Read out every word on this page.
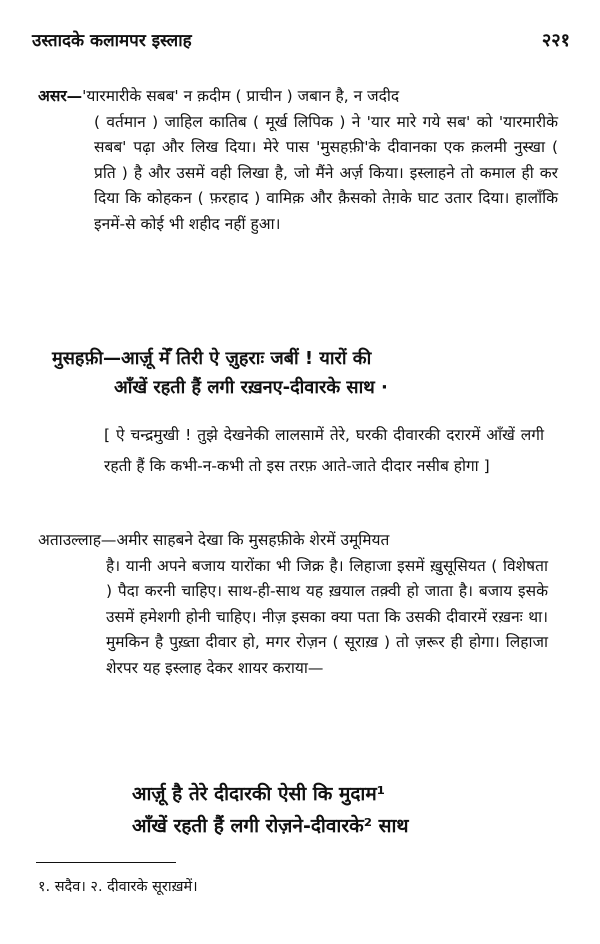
उस्तादके कलामपर इस्लाह	२२१
असर—'यारमारीके सबब' न क़दीम ( प्राचीन ) जबान है, न जदीद
( वर्तमान ) जाहिल कातिब ( मूर्ख लिपिक ) ने 'यार मारे गये सब' को 'यारमारीके सबब' पढ़ा और लिख दिया। मेरे पास 'मुसहफ़ी'के दीवानका एक क़लमी नुस्खा ( प्रति ) है और उसमें वही लिखा है, जो मैंने अर्ज़ किया। इस्लाहने तो कमाल ही कर दिया कि कोहकन ( फ़रहाद ) वामिक़ और क़ैसको तेग़के घाट उतार दिया। हालाँकि इनमें-से कोई भी शहीद नहीं हुआ।
मुसहफ़ी—आर्ज़ू मेँ तिरी ऐ ज़ुहराः जबीं ! यारों की
आँखें रहती हैं लगी रख़नए-दीवारके साथ ·
[ ऐ चन्द्रमुखी ! तुझे देखनेकी लालसामें तेरे, घरकी दीवारकी दरारमें आँखें लगी रहती हैं कि कभी-न-कभी तो इस तरफ़ आते-जाते दीदार नसीब होगा ]
अताउल्लाह—अमीर साहबने देखा कि मुसहफ़ीके शेरमें उमूमियत
है। यानी अपने बजाय यारोंका भी जिक्र है। लिहाजा इसमें ख़ुसूसियत ( विशेषता ) पैदा करनी चाहिए। साथ-ही-साथ यह ख़याल तक़्वी हो जाता है। बजाय इसके उसमें हमेशगी होनी चाहिए। नीज़ इसका क्या पता कि उसकी दीवारमें रख़नः था। मुमकिन है पुख़्ता दीवार हो, मगर रोज़न ( सूराख़ ) तो ज़रूर ही होगा। लिहाजा शेरपर यह इस्लाह देकर शायर कराया—
आर्ज़ू है तेरे दीदारकी ऐसी कि मुदाम¹
आँखें रहती हैं लगी रोज़ने-दीवारके² साथ
१. सदैव। २. दीवारके सूराख़में।
